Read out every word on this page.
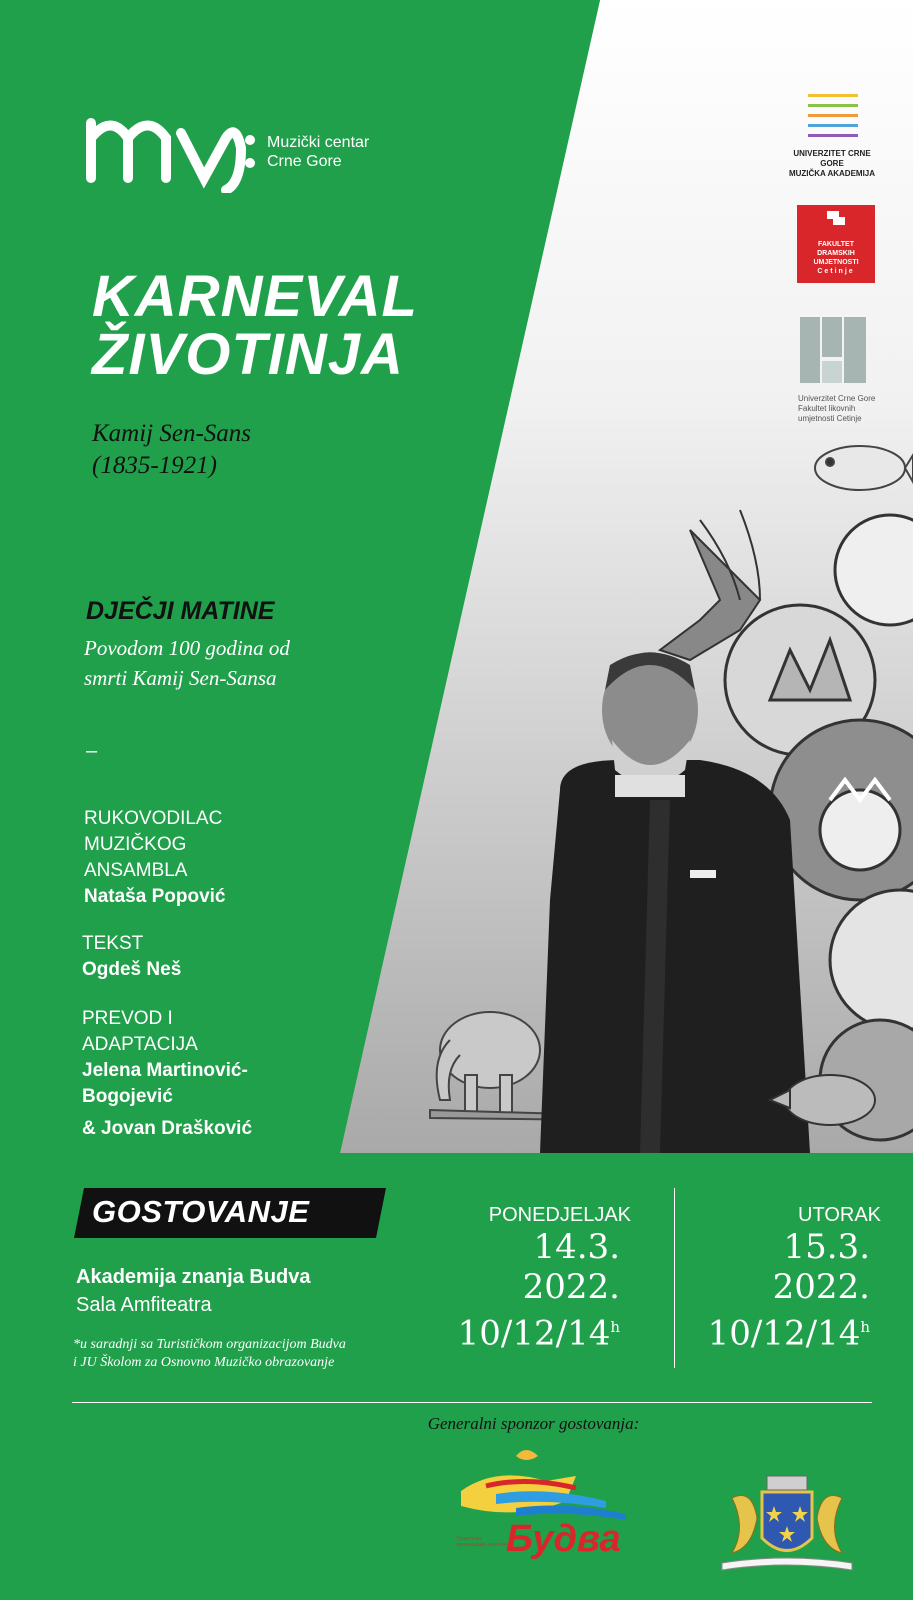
Muzički centar
Crne Gore
KARNEVAL
ŽIVOTINJA
Kamij Sen-Sans
(1835-1921)
DJEČJI MATINE
Povodom 100 godina od
smrti Kamij Sen-Sansa
–
RUKOVODILAC
MUZIČKOG
ANSAMBLA
Nataša Popović
TEKST
Ogdeš Neš
PREVOD I
ADAPTACIJA
Jelena Martinović-
Bogojević
& Jovan Drašković
UNIVERZITET CRNE GORE
MUZIČKA AKADEMIJA
FAKULTET
DRAMSKIH
UMJETNOSTI
Cetinje
Univerzitet Crne Gore
Fakultet likovnih
umjetnosti Cetinje
GOSTOVANJE
Akademija znanja Budva
Sala Amfiteatra
*u saradnji sa Turističkom organizacijom Budva
i JU Školom za Osnovno Muzičko obrazovanje
PONEDJELJAK
14.3.
2022.
10/12/14$^h$
UTORAK
15.3.
2022.
10/12/14$^h$
Generalni sponzor gostovanja:
Будва
Туристичка организација општине
